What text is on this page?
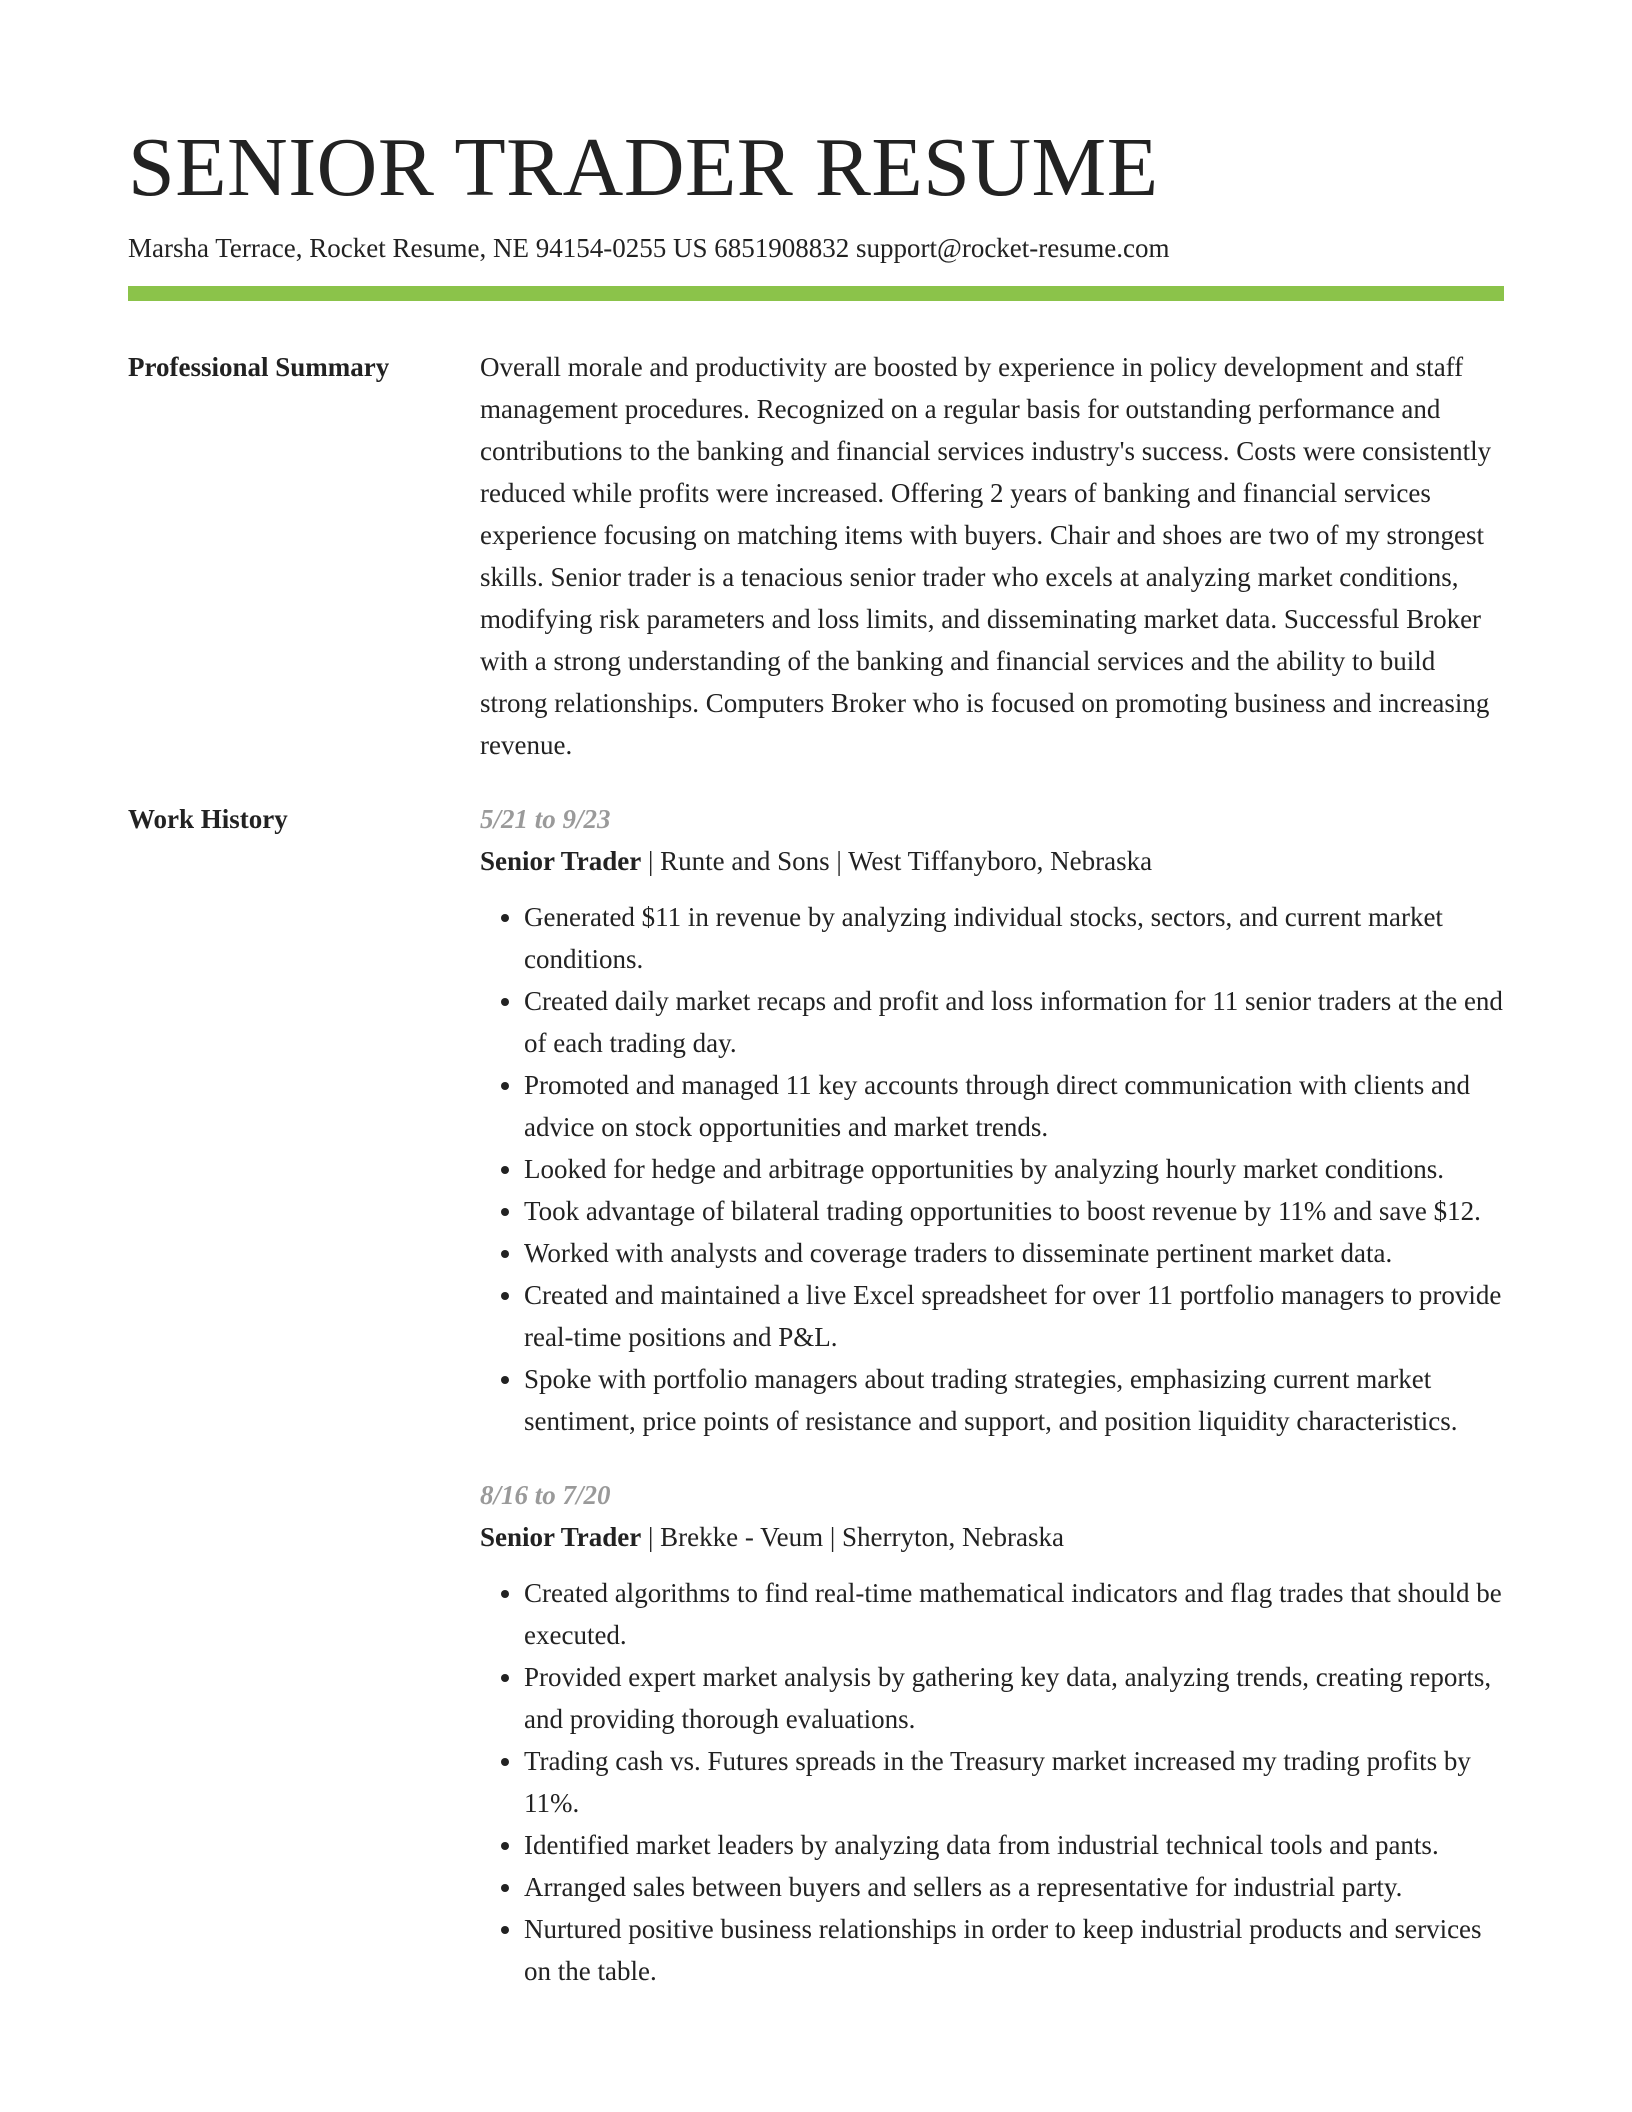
SENIOR TRADER RESUME
Marsha Terrace, Rocket Resume, NE 94154-0255 US 6851908832 support@rocket-resume.com
Professional Summary	Overall morale and productivity are boosted by experience in policy development and staff management procedures. Recognized on a regular basis for outstanding performance and contributions to the banking and financial services industry's success. Costs were consistently reduced while profits were increased. Offering 2 years of banking and financial services experience focusing on matching items with buyers. Chair and shoes are two of my strongest skills. Senior trader is a tenacious senior trader who excels at analyzing market conditions, modifying risk parameters and loss limits, and disseminating market data. Successful Broker with a strong understanding of the banking and financial services and the ability to build strong relationships. Computers Broker who is focused on promoting business and increasing revenue.

Work History	5/21 to 9/23
Senior Trader | Runte and Sons | West Tiffanyboro, Nebraska
• Generated $11 in revenue by analyzing individual stocks, sectors, and current market conditions.
• Created daily market recaps and profit and loss information for 11 senior traders at the end of each trading day.
• Promoted and managed 11 key accounts through direct communication with clients and advice on stock opportunities and market trends.
• Looked for hedge and arbitrage opportunities by analyzing hourly market conditions.
• Took advantage of bilateral trading opportunities to boost revenue by 11% and save $12.
• Worked with analysts and coverage traders to disseminate pertinent market data.
• Created and maintained a live Excel spreadsheet for over 11 portfolio managers to provide real-time positions and P&L.
• Spoke with portfolio managers about trading strategies, emphasizing current market sentiment, price points of resistance and support, and position liquidity characteristics.
8/16 to 7/20
Senior Trader | Brekke - Veum | Sherryton, Nebraska
• Created algorithms to find real-time mathematical indicators and flag trades that should be executed.
• Provided expert market analysis by gathering key data, analyzing trends, creating reports, and providing thorough evaluations.
• Trading cash vs. Futures spreads in the Treasury market increased my trading profits by 11%.
• Identified market leaders by analyzing data from industrial technical tools and pants.
• Arranged sales between buyers and sellers as a representative for industrial party.
• Nurtured positive business relationships in order to keep industrial products and services on the table.
